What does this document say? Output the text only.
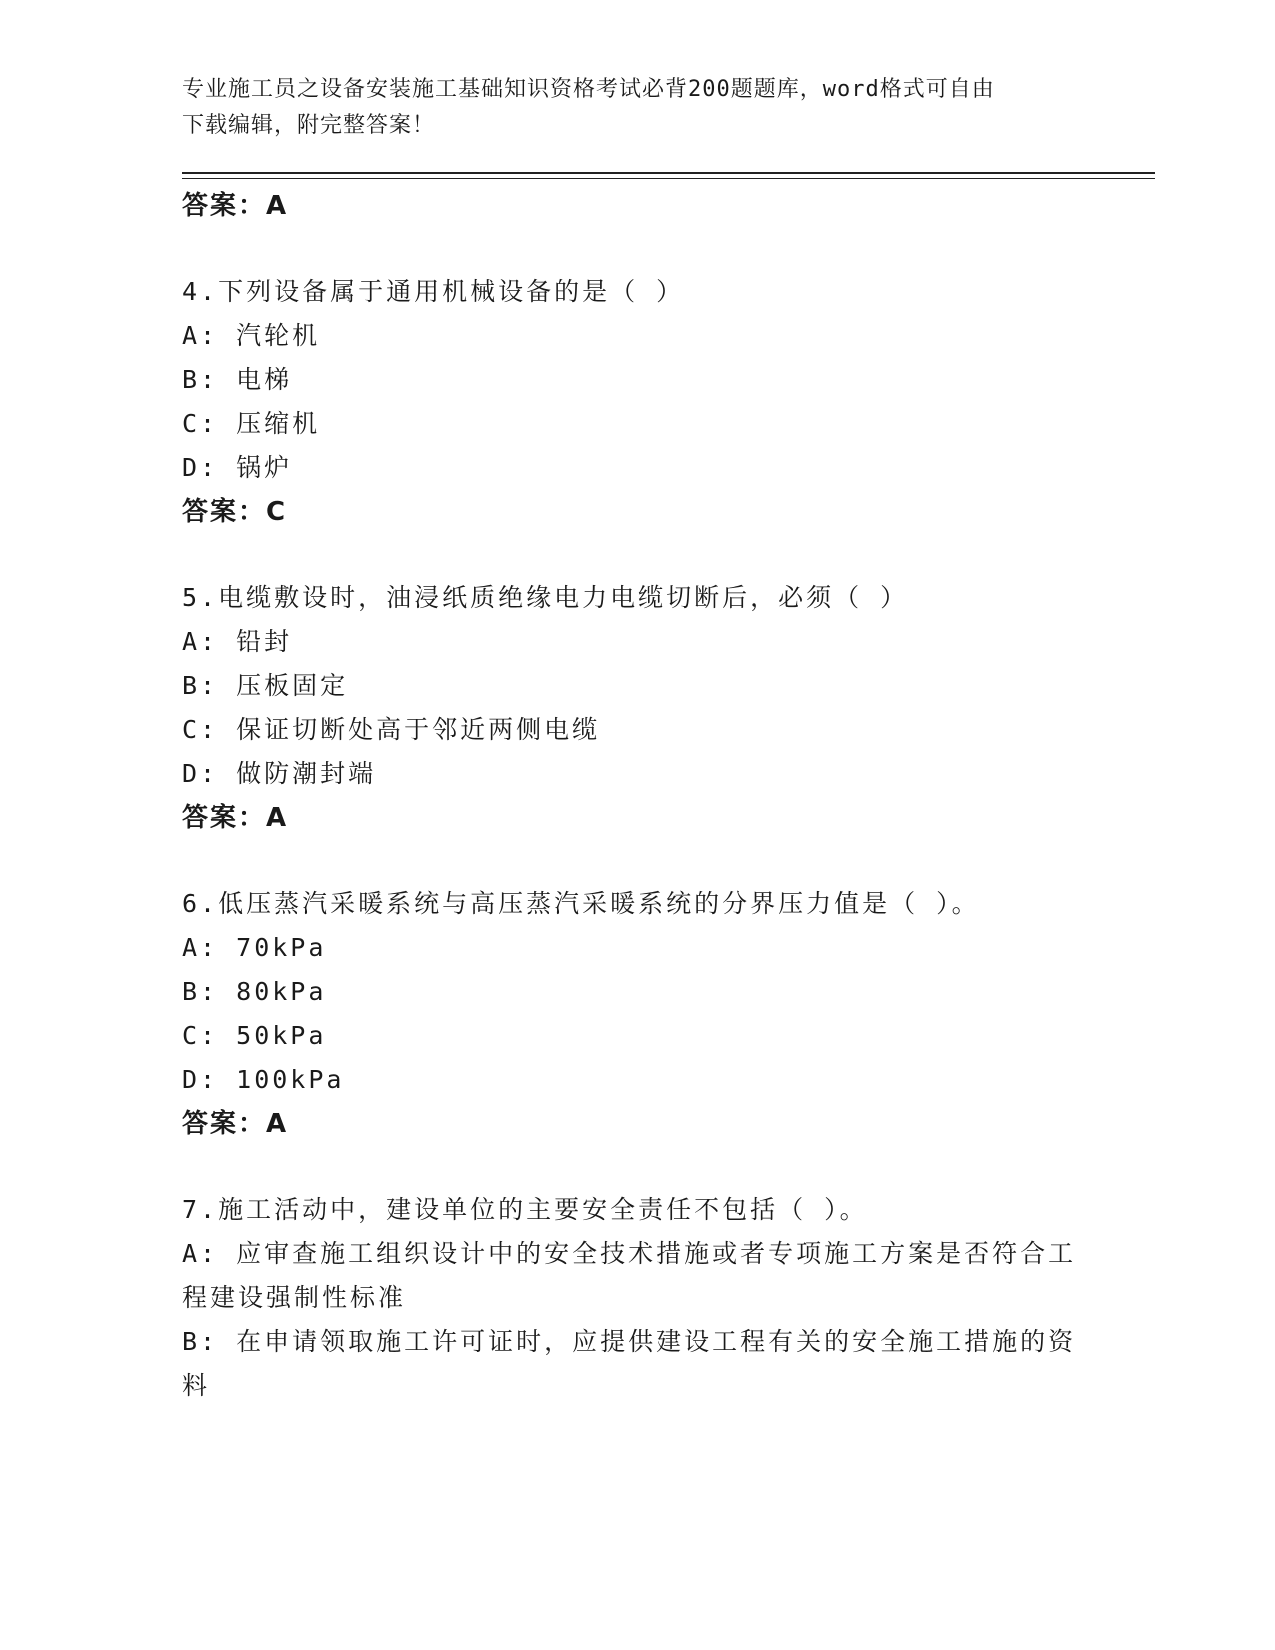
专业施工员之设备安装施工基础知识资格考试必背200题题库，word格式可自由
下载编辑，附完整答案！
答案：A
4.下列设备属于通用机械设备的是（ ）
A: 汽轮机
B: 电梯
C: 压缩机
D: 锅炉
答案：C
5.电缆敷设时，油浸纸质绝缘电力电缆切断后，必须（ ）
A: 铅封
B: 压板固定
C: 保证切断处高于邻近两侧电缆
D: 做防潮封端
答案：A
6.低压蒸汽采暖系统与高压蒸汽采暖系统的分界压力值是（ ）。
A: 70kPa
B: 80kPa
C: 50kPa
D: 100kPa
答案：A
7.施工活动中，建设单位的主要安全责任不包括（ ）。
A: 应审查施工组织设计中的安全技术措施或者专项施工方案是否符合工程建设强制性标准
B: 在申请领取施工许可证时，应提供建设工程有关的安全施工措施的资料
